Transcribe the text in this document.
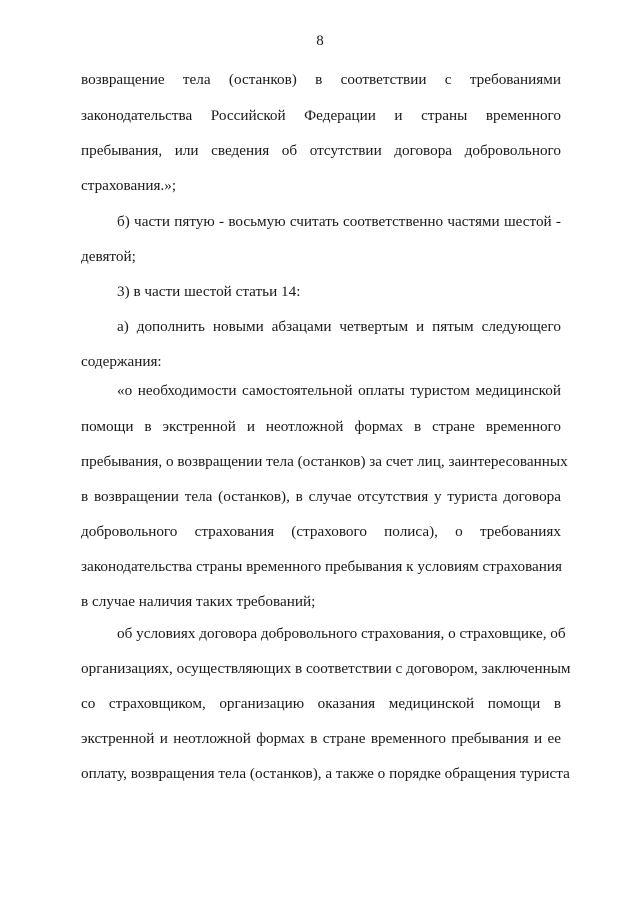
8

возвращение тела (останков) в соответствии с требованиями

законодательства Российской Федерации и страны временного

пребывания, или сведения об отсутствии договора добровольного

страхования.»;

б) части пятую - восьмую считать соответственно частями шестой -

девятой;

3) в части шестой статьи 14:

а) дополнить новыми абзацами четвертым и пятым следующего

содержания:

«о необходимости самостоятельной оплаты туристом медицинской

помощи в экстренной и неотложной формах в стране временного

пребывания, о возвращении тела (останков) за счет лиц, заинтересованных

в возвращении тела (останков), в случае отсутствия у туриста договора

добровольного страхования (страхового полиса), о требованиях

законодательства страны временного пребывания к условиям страхования

в случае наличия таких требований;

об условиях договора добровольного страхования, о страховщике, об

организациях, осуществляющих в соответствии с договором, заключенным

со страховщиком, организацию оказания медицинской помощи в

экстренной и неотложной формах в стране временного пребывания и ее

оплату, возвращения тела (останков), а также о порядке обращения туриста
